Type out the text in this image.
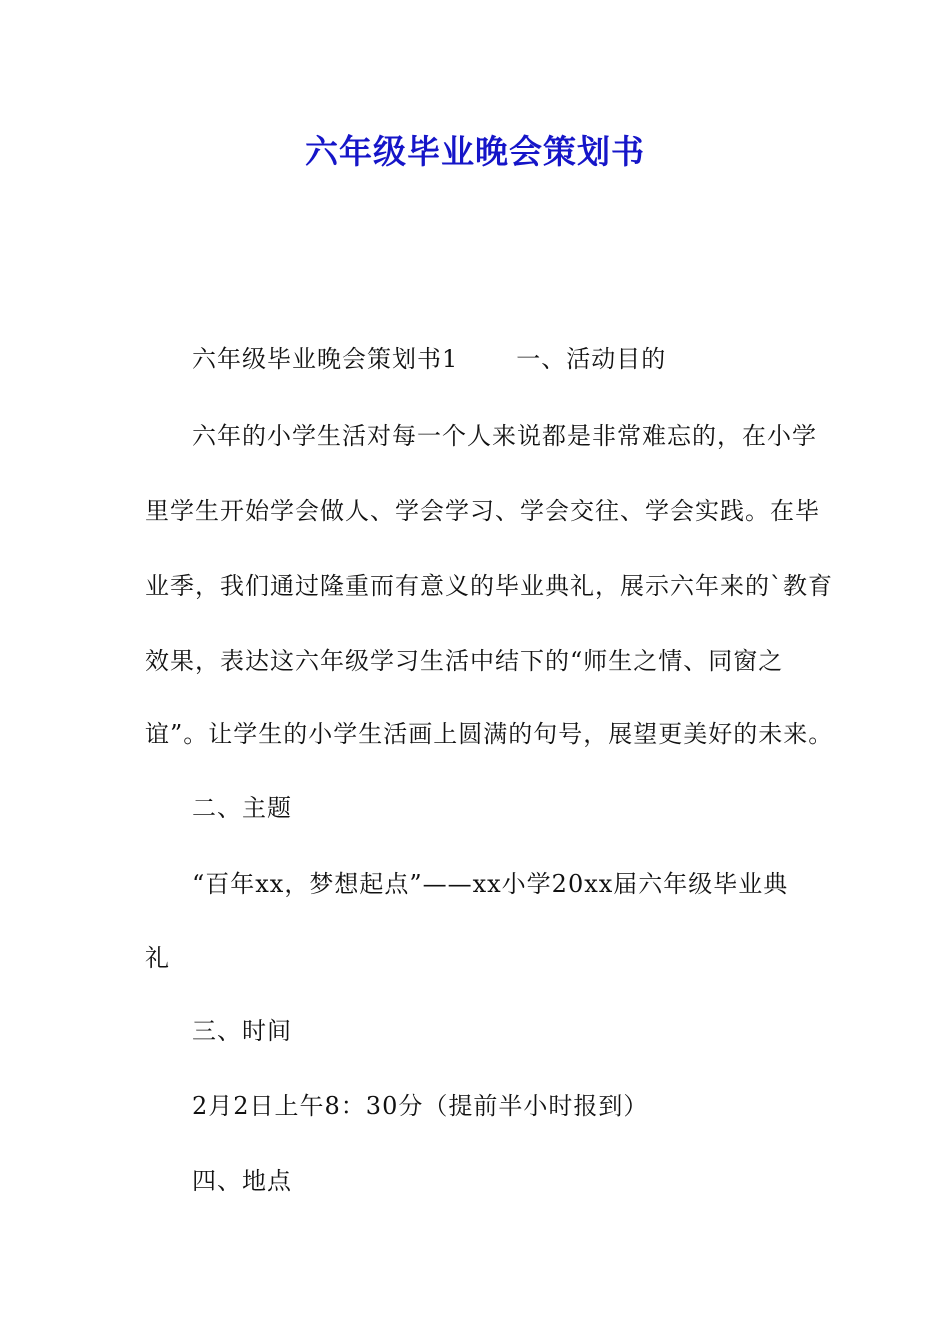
六年级毕业晚会策划书
六年级毕业晚会策划书1 一、活动目的
六年的小学生活对每一个人来说都是非常难忘的，在小学
里学生开始学会做人、学会学习、学会交往、学会实践。在毕
业季，我们通过隆重而有意义的毕业典礼，展示六年来的`教育
效果，表达这六年级学习生活中结下的“师生之情、同窗之
谊”。让学生的小学生活画上圆满的句号，展望更美好的未来。
二、主题
“百年xx，梦想起点”——xx小学20xx届六年级毕业典
礼
三、时间
2月2日上午8：30分（提前半小时报到）
四、地点
